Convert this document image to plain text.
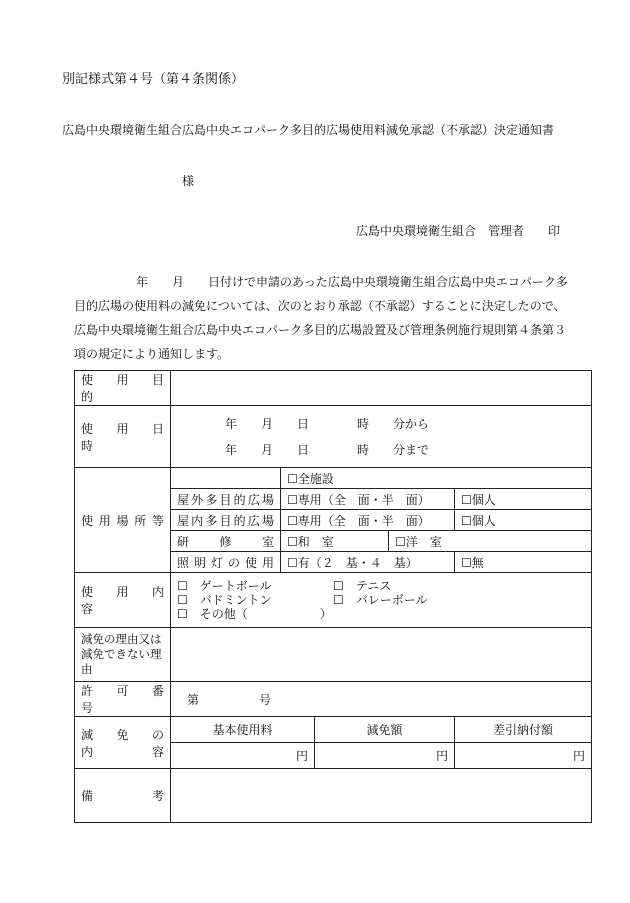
別記様式第４号（第４条関係）
広島中央環境衛生組合広島中央エコパーク多目的広場使用料減免承認（不承認）決定通知書
様
広島中央環境衛生組合　管理者　　印
年　　月　　日付けで申請のあった広島中央環境衛生組合広島中央エコパーク多
目的広場の使用料の減免については、次のとおり承認（不承認）することに決定したので、
広島中央環境衛生組合広島中央エコパーク多目的広場設置及び管理条例施行規則第４条第３
項の規定により通知します。
使　用　目　的					
使　用　日　時	年　　月　　日　　　　時　　分から
年　　月　　日　　　　時　　分まで				

使用場所等		☐全施設			
	屋外多目的広場	☐専用（全　面・半　面）			☐個人
	屋内多目的広場	☐専用（全　面・半　面）			☐個人
	研　　修　　室	☐和　室		☐洋　室	
	照明灯の使用	☐有（２　基・４　基）			☐無
使　用　内　容	☐　ゲートボール ☐　テニス
☐　バドミントン ☐　バレーボール
☐　その他（　　　　　　）				

減免の理由又は減免できない理由					
許　可　番　号	第　　　　　号				
減　免　の　内　容	基本使用料		減免額		差引納付額
	円		円		円
備　　　　考					
